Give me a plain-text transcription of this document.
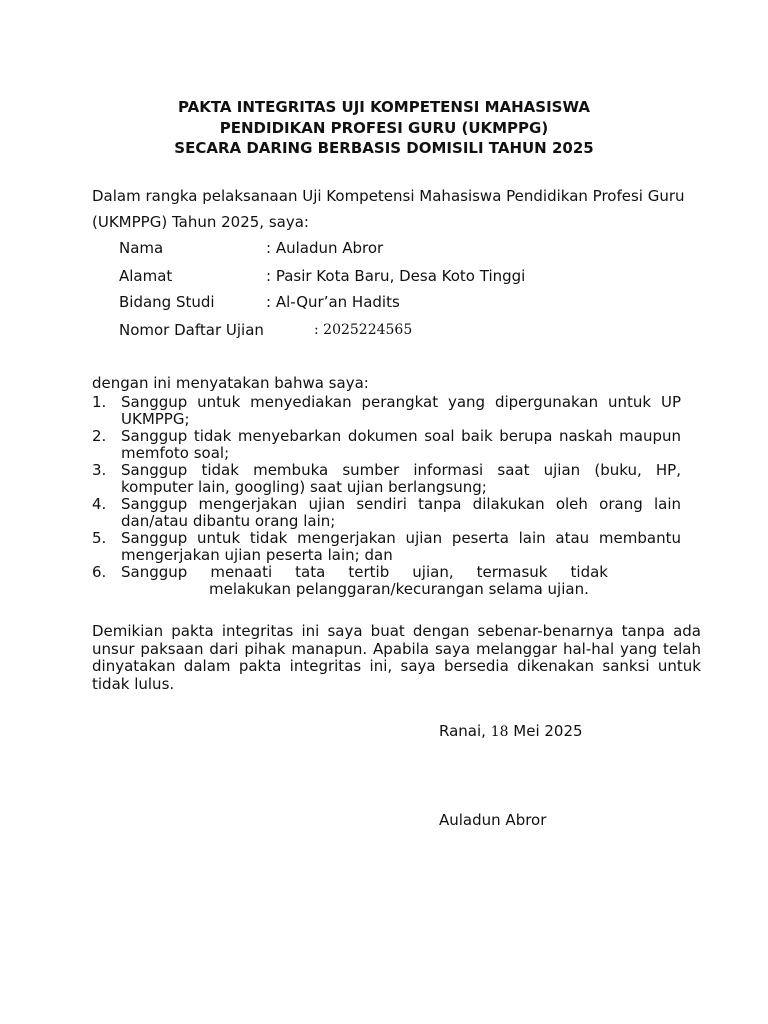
PAKTA INTEGRITAS UJI KOMPETENSI MAHASISWA
PENDIDIKAN PROFESI GURU (UKMPPG)
SECARA DARING BERBASIS DOMISILI TAHUN 2025
Dalam rangka pelaksanaan Uji Kompetensi Mahasiswa Pendidikan Profesi Guru
(UKMPPG) Tahun 2025, saya:
Nama	: Auladun Abror
Alamat	: Pasir Kota Baru, Desa Koto Tinggi
Bidang Studi	: Al-Qur’an Hadits
Nomor Daftar Ujian	: 2025224565
dengan ini menyatakan bahwa saya:
1. Sanggup untuk menyediakan perangkat yang dipergunakan untuk UP UKMPPG;
2. Sanggup tidak menyebarkan dokumen soal baik berupa naskah maupun memfoto soal;
3. Sanggup tidak membuka sumber informasi saat ujian (buku, HP, komputer lain, googling) saat ujian berlangsung;
4. Sanggup mengerjakan ujian sendiri tanpa dilakukan oleh orang lain dan/atau dibantu orang lain;
5. Sanggup untuk tidak mengerjakan ujian peserta lain atau membantu mengerjakan ujian peserta lain; dan
6. Sanggup menaati tata tertib ujian, termasuk tidak
melakukan pelanggaran/kecurangan selama ujian.
Demikian pakta integritas ini saya buat dengan sebenar-benarnya tanpa ada unsur paksaan dari pihak manapun. Apabila saya melanggar hal-hal yang telah dinyatakan dalam pakta integritas ini, saya bersedia dikenakan sanksi untuk tidak lulus.
Ranai, 18 Mei 2025
Auladun Abror
